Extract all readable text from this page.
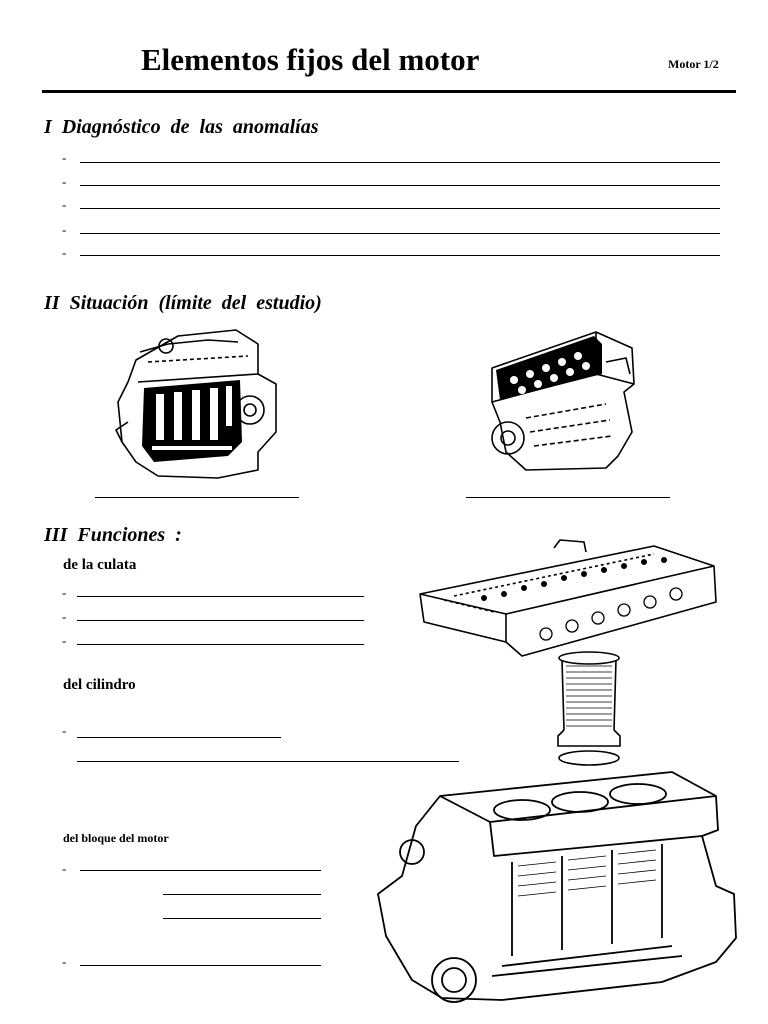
Elementos fijos del motor	Motor 1/2
I Diagnóstico de las anomalías
-
-
-
-
-
II Situación (límite del estudio)
III Funciones :
de la culata
-
-
-
del cilindro
-
del bloque del motor
-
-
